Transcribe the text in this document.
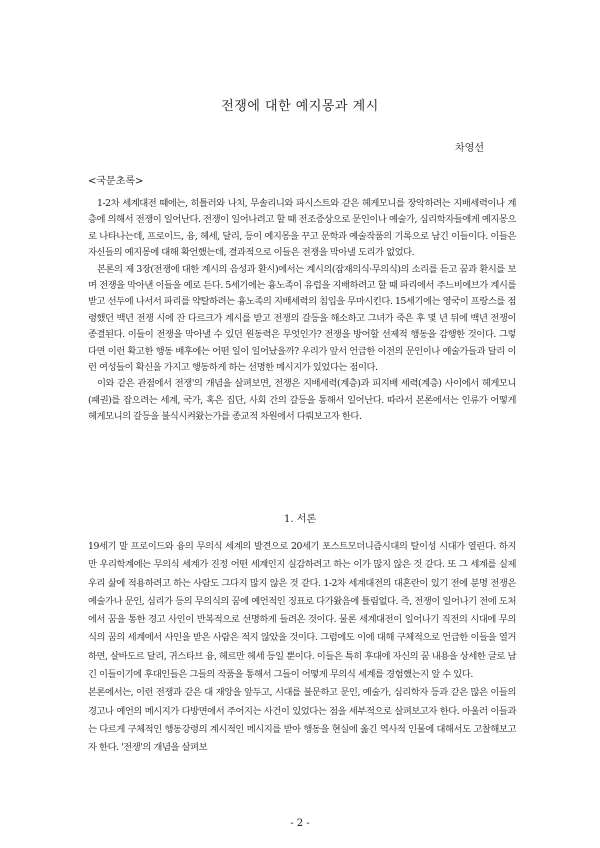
전쟁에 대한 예지몽과 계시
차영선
<국문초록>

1-2차 세계대전 때에는, 히틀러와 나치, 무솔리니와 파시스트와 같은 헤게모니를 장악하려는 지배세력이나 계층에 의해서 전쟁이 일어난다. 전쟁이 일어나려고 할 때 전조증상으로 문인이나 예술가, 심리학자들에게 예지몽으로 나타나는데, 프로이드, 융, 헤세, 달리, 등이 예지몽을 꾸고 문학과 예술작품의 기록으로 남긴 이들이다. 이들은 자신들의 예지몽에 대해 확언했는데, 결과적으로 이들은 전쟁을 막아낼 도리가 없었다.

본론의 제 3장(전쟁에 대한 계시의 음성과 환시)에서는 계시의(잠재의식·무의식)의 소리를 듣고 꿈과 환시를 보며 전쟁을 막아낸 이들을 예로 든다. 5세기에는 흉노족이 유럽을 지배하려고 할 때 파리에서 주느비에브가 계시를 받고 선두에 나서서 파리를 약탈하려는 흉노족의 지배세력의 침입을 무마시킨다. 15세기에는 영국이 프랑스를 점령했던 백년 전쟁 시에 잔 다르크가 계시를 받고 전쟁의 갈등을 해소하고 그녀가 죽은 후 몇 년 뒤에 백년 전쟁이 종결된다. 이들이 전쟁을 막아낼 수 있던 원동력은 무엇인가? 전쟁을 방어할 선제적 행동을 감행한 것이다. 그렇다면 이런 확고한 행동 배후에는 어떤 일이 일어났을까? 우리가 앞서 언급한 이전의 문인이나 예술가들과 달리 이런 여성들이 확신을 가지고 행동하게 하는 선명한 메시지가 있었다는 점이다.

이와 같은 관점에서 전쟁'의 개념을 살펴보면, 전쟁은 지배세력(계층)과 피지배 세력(계층) 사이에서 헤게모니(패권)를 잡으려는 세계, 국가, 혹은 집단, 사회 간의 갈등을 통해서 일어난다. 따라서 본론에서는 인류가 어떻게 헤게모니의 갈등을 불식시켜왔는가를 종교적 차원에서 다뤄보고자 한다.

1. 서론

19세기 말 프로이드와 융의 무의식 세계의 발견으로 20세기 포스트모더니즘시대의 탈이성 시대가 열린다. 하지만 우리학계에는 무의식 세계가 진정 어떤 세계인지 실감하려고 하는 이가 많지 않은 것 같다. 또 그 세계를 실제 우리 삶에 적용하려고 하는 사람도 그다지 많지 않은 것 같다. 1-2차 세계대전의 대혼란이 있기 전에 분명 전쟁은 예술가나 문인, 심리가 등의 무의식의 꿈에 예언적인 징표로 다가왔음에 틀림없다. 즉, 전쟁이 일어나기 전에 도처에서 꿈을 통한 경고 사인이 반복적으로 선명하게 들려온 것이다. 물론 세계대전이 일어나기 직전의 시대에 무의식의 꿈의 세계에서 사인을 받은 사람은 적지 않았을 것이다. 그럼에도 이에 대해 구체적으로 언급한 이들을 열거하면, 살바도르 달리, 귀스타브 융, 헤르만 헤세 등일 뿐이다. 이들은 특히 후대에 자신의 꿈 내용을 상세한 글로 남긴 이들이기에 후대인들은 그들의 작품을 통해서 그들이 어떻게 무의식 세계를 경험했는지 알 수 있다.

본론에서는, 이런 전쟁과 같은 대 재앙을 앞두고, 시대를 불문하고 문인, 예술가, 심리학자 등과 같은 많은 이들의 경고나 예언의 메시지가 다방면에서 주어지는 사건이 있었다는 점을 세부적으로 살펴보고자 한다. 아울러 이들과는 다르게 구체적인 행동강령의 계시적인 메시지를 받아 행동을 현실에 옮긴 역사적 인물에 대해서도 고찰해보고자 한다. '전쟁'의 개념을 살펴보

- 2 -
